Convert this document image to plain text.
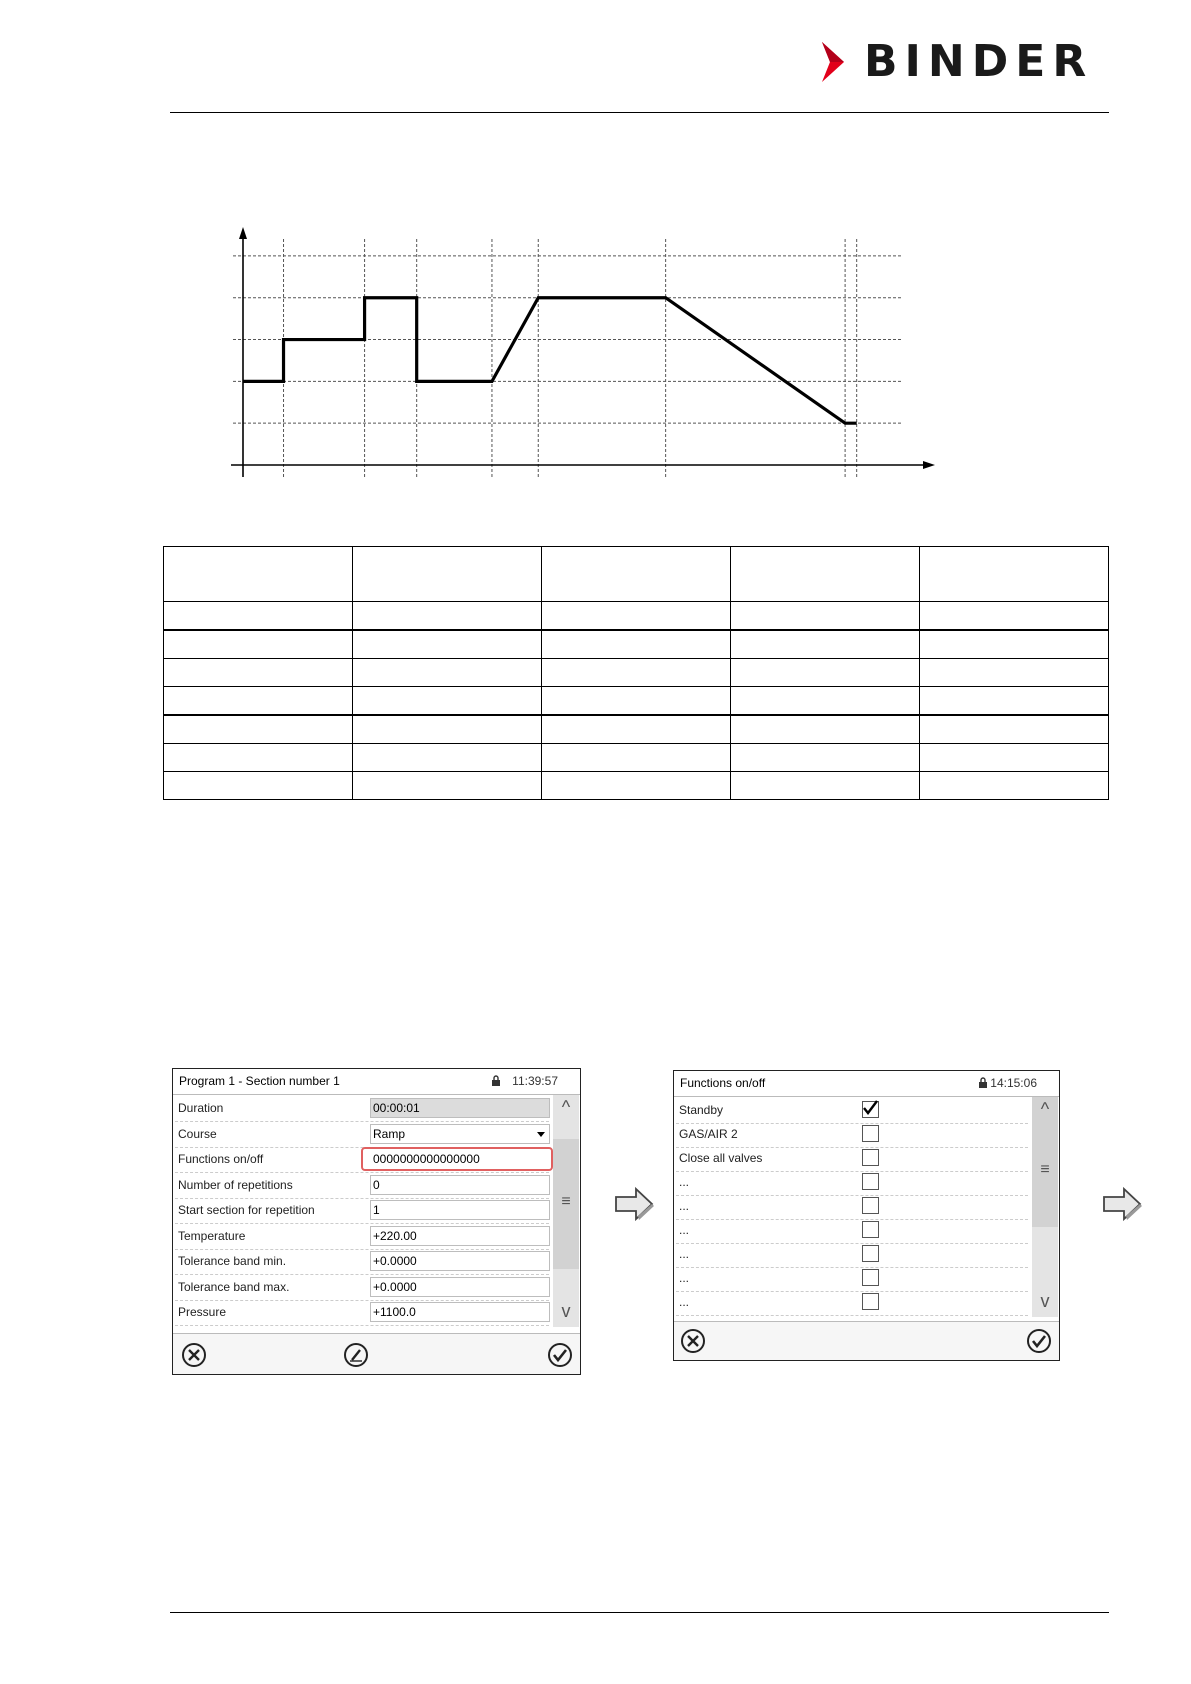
BINDER

Program 1 - Section number 1	11:39:57
Duration	00:00:01
Course	Ramp
Functions on/off	0000000000000000
Number of repetitions	0
Start section for repetition	1
Temperature	+220.00
Tolerance band min.	+0.0000
Tolerance band max.	+0.0000
Pressure	+1100.0
^
≡
v
Functions on/off	14:15:06
Standby
GAS/AIR 2
Close all valves
...
...
...
...
...
...
^
≡
v
